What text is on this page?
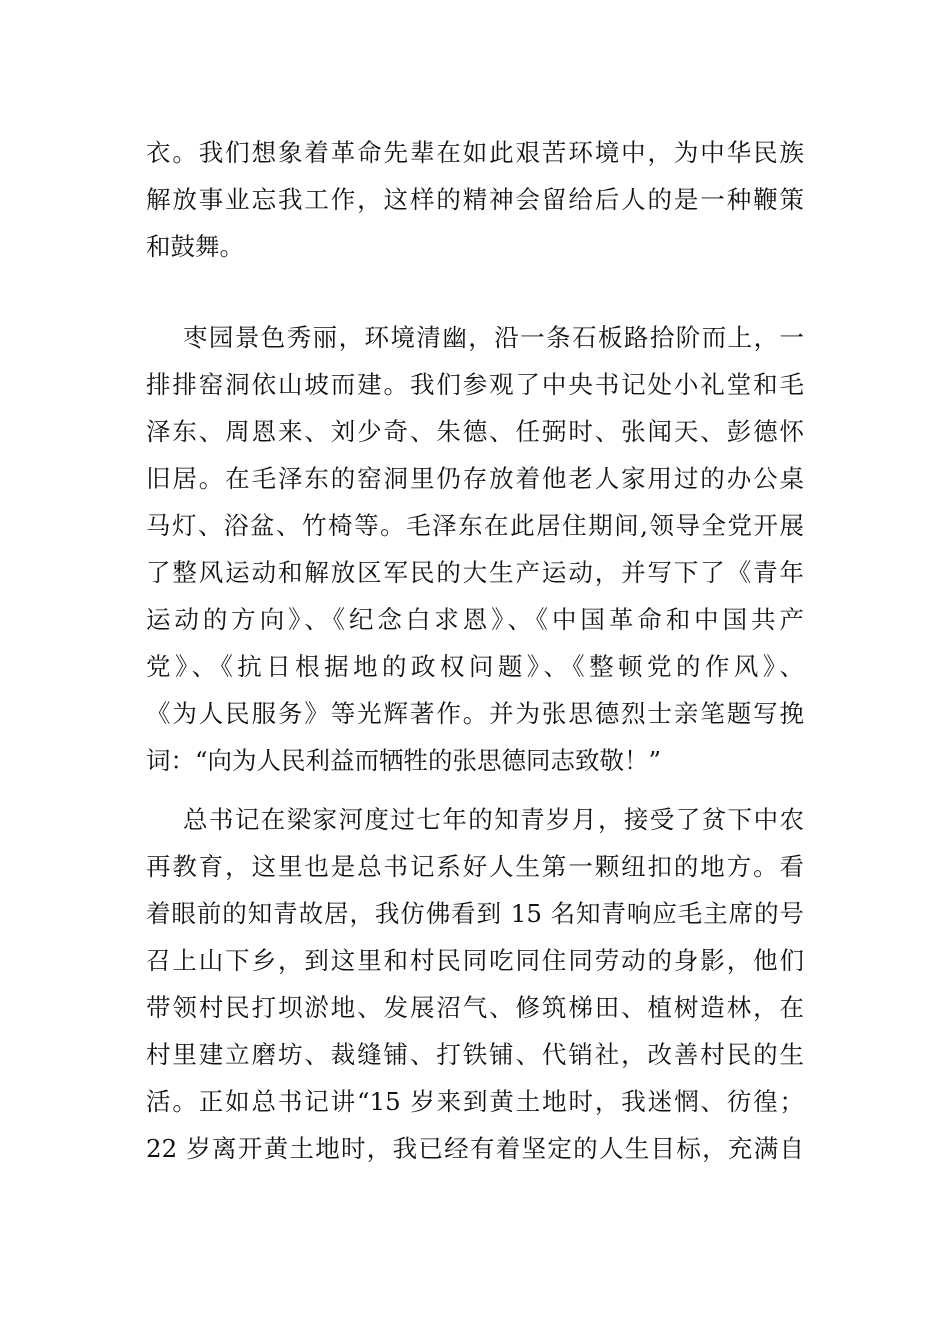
衣。我们想象着革命先辈在如此艰苦环境中，为中华民族
解放事业忘我工作，这样的精神会留给后人的是一种鞭策
和鼓舞。
枣园景色秀丽，环境清幽，沿一条石板路拾阶而上，一
排排窑洞依山坡而建。我们参观了中央书记处小礼堂和毛
泽东、周恩来、刘少奇、朱德、任弼时、张闻天、彭德怀
旧居。在毛泽东的窑洞里仍存放着他老人家用过的办公桌
马灯、浴盆、竹椅等。毛泽东在此居住期间,领导全党开展
了整风运动和解放区军民的大生产运动，并写下了《青年
运动的方向》、《纪念白求恩》、《中国革命和中国共产
党》、《抗日根据地的政权问题》、《整顿党的作风》、
《为人民服务》等光辉著作。并为张思德烈士亲笔题写挽
词：“向为人民利益而牺牲的张思德同志致敬！”
总书记在梁家河度过七年的知青岁月，接受了贫下中农
再教育，这里也是总书记系好人生第一颗纽扣的地方。看
着眼前的知青故居，我仿佛看到 15 名知青响应毛主席的号
召上山下乡，到这里和村民同吃同住同劳动的身影，他们
带领村民打坝淤地、发展沼气、修筑梯田、植树造林，在
村里建立磨坊、裁缝铺、打铁铺、代销社，改善村民的生
活。正如总书记讲“15 岁来到黄土地时，我迷惘、彷徨；
22 岁离开黄土地时，我已经有着坚定的人生目标，充满自
